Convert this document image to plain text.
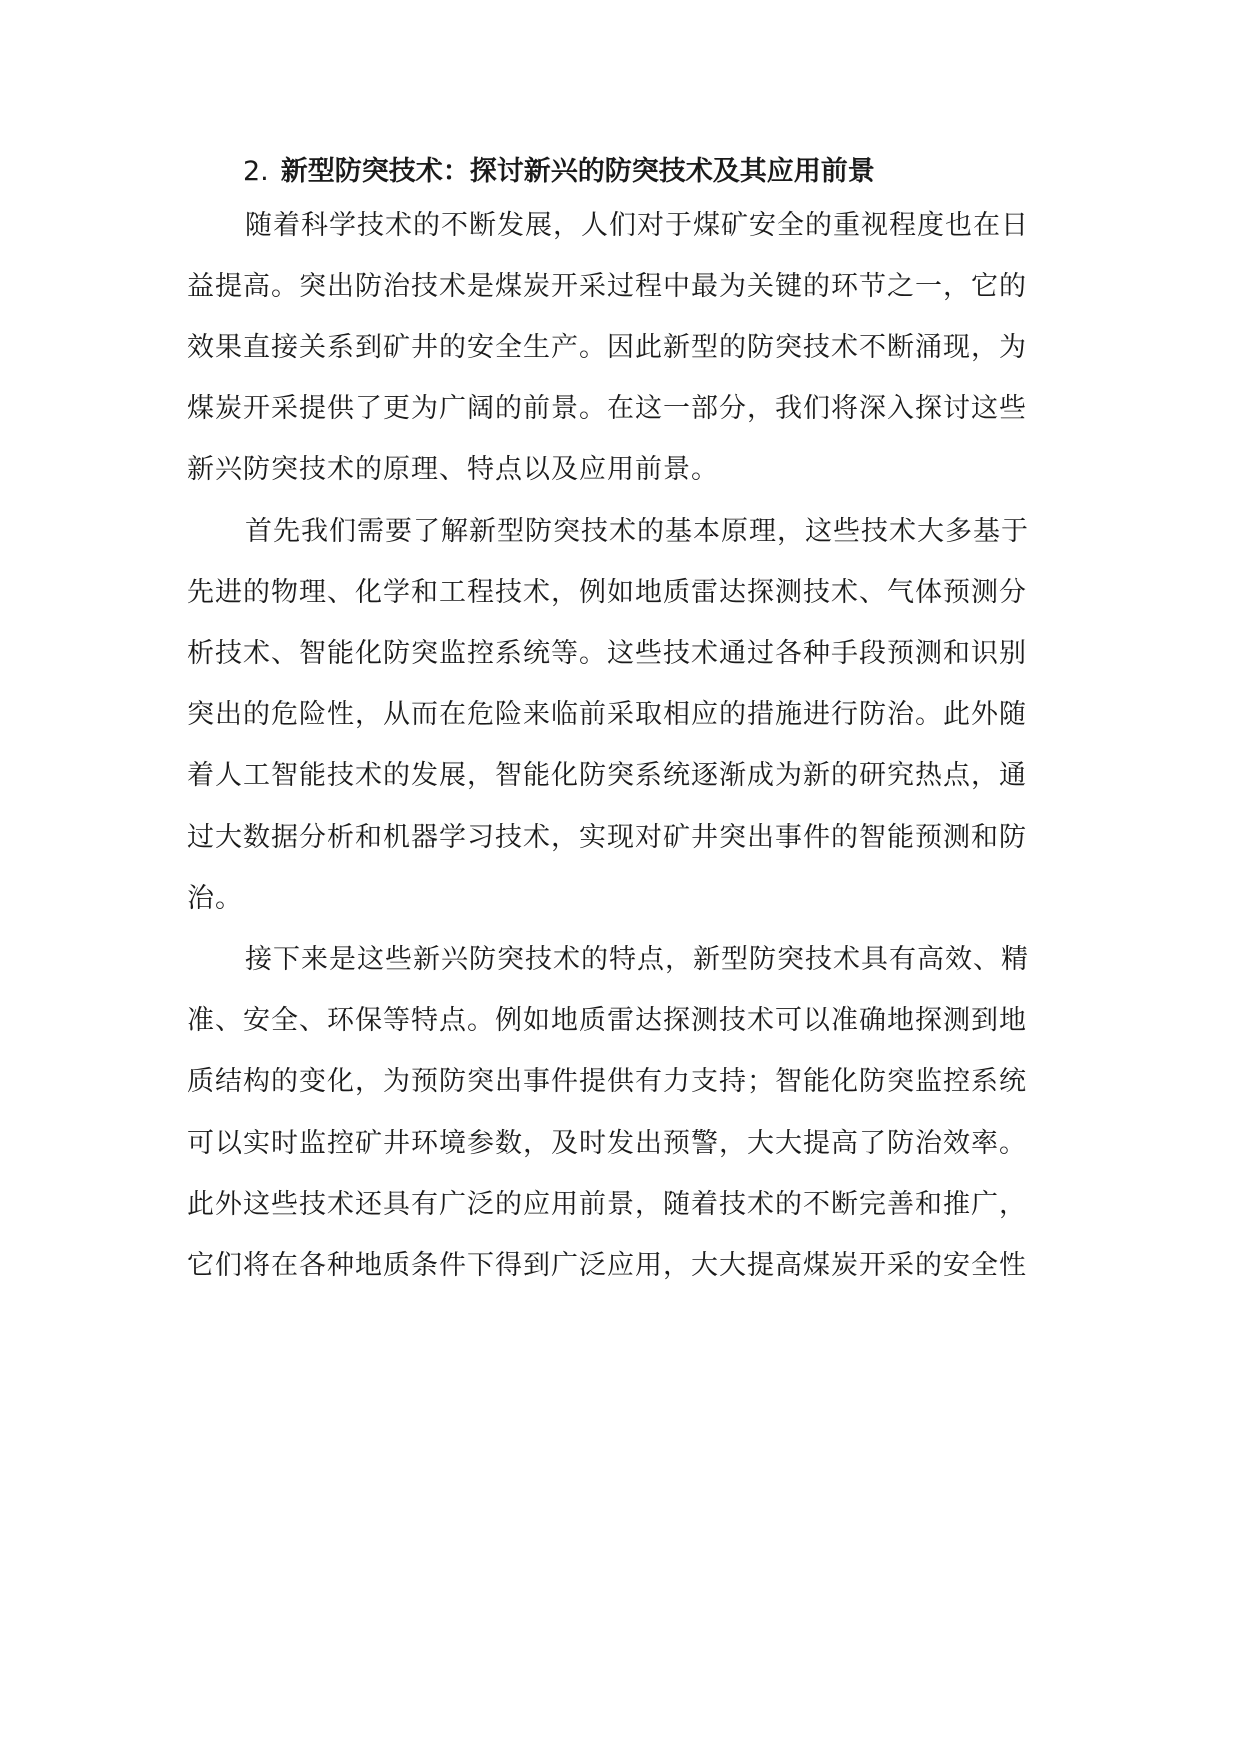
2. 新型防突技术：探讨新兴的防突技术及其应用前景
随着科学技术的不断发展，人们对于煤矿安全的重视程度也在日
益提高。突出防治技术是煤炭开采过程中最为关键的环节之一，它的
效果直接关系到矿井的安全生产。因此新型的防突技术不断涌现，为
煤炭开采提供了更为广阔的前景。在这一部分，我们将深入探讨这些
新兴防突技术的原理、特点以及应用前景。
首先我们需要了解新型防突技术的基本原理，这些技术大多基于
先进的物理、化学和工程技术，例如地质雷达探测技术、气体预测分
析技术、智能化防突监控系统等。这些技术通过各种手段预测和识别
突出的危险性，从而在危险来临前采取相应的措施进行防治。此外随
着人工智能技术的发展，智能化防突系统逐渐成为新的研究热点，通
过大数据分析和机器学习技术，实现对矿井突出事件的智能预测和防
治。
接下来是这些新兴防突技术的特点，新型防突技术具有高效、精
准、安全、环保等特点。例如地质雷达探测技术可以准确地探测到地
质结构的变化，为预防突出事件提供有力支持；智能化防突监控系统
可以实时监控矿井环境参数，及时发出预警，大大提高了防治效率。
此外这些技术还具有广泛的应用前景，随着技术的不断完善和推广，
它们将在各种地质条件下得到广泛应用，大大提高煤炭开采的安全性
